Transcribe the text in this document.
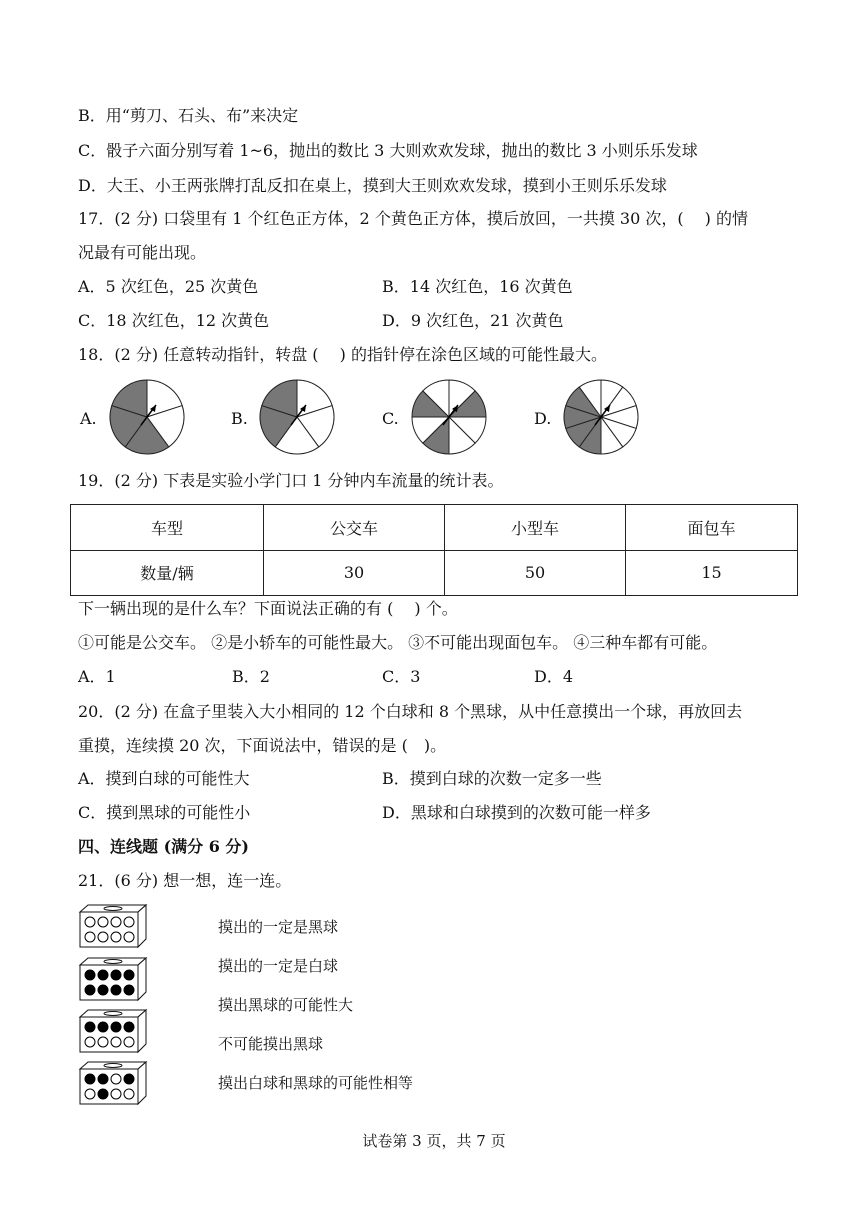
B．用“剪刀、石头、布”来决定
C．骰子六面分别写着 1~6，抛出的数比 3 大则欢欢发球，抛出的数比 3 小则乐乐发球
D．大王、小王两张牌打乱反扣在桌上，摸到大王则欢欢发球，摸到小王则乐乐发球
17．(2 分) 口袋里有 1 个红色正方体，2 个黄色正方体，摸后放回，一共摸 30 次，(　 ) 的情
况最有可能出现。
A．5 次红色，25 次黄色	B．14 次红色，16 次黄色
C．18 次红色，12 次黄色	D．9 次红色，21 次黄色
18．(2 分) 任意转动指针，转盘 (　 ) 的指针停在涂色区域的可能性最大。
A.	B.	C.	D.
19．(2 分) 下表是实验小学门口 1 分钟内车流量的统计表。
车型	公交车	小型车	面包车
数量/辆	30	50	15
下一辆出现的是什么车？下面说法正确的有 (　 ) 个。
①可能是公交车。 ②是小轿车的可能性最大。 ③不可能出现面包车。 ④三种车都有可能。
A．1	B．2	C．3	D．4
20．(2 分) 在盒子里装入大小相同的 12 个白球和 8 个黑球，从中任意摸出一个球，再放回去
重摸，连续摸 20 次，下面说法中，错误的是 (　)。
A．摸到白球的可能性大	B．摸到白球的次数一定多一些
C．摸到黑球的可能性小	D．黑球和白球摸到的次数可能一样多
四、连线题 (满分 6 分)
21．(6 分) 想一想，连一连。
摸出的一定是黑球
摸出的一定是白球
摸出黑球的可能性大
不可能摸出黑球
摸出白球和黑球的可能性相等
试卷第 3 页，共 7 页
